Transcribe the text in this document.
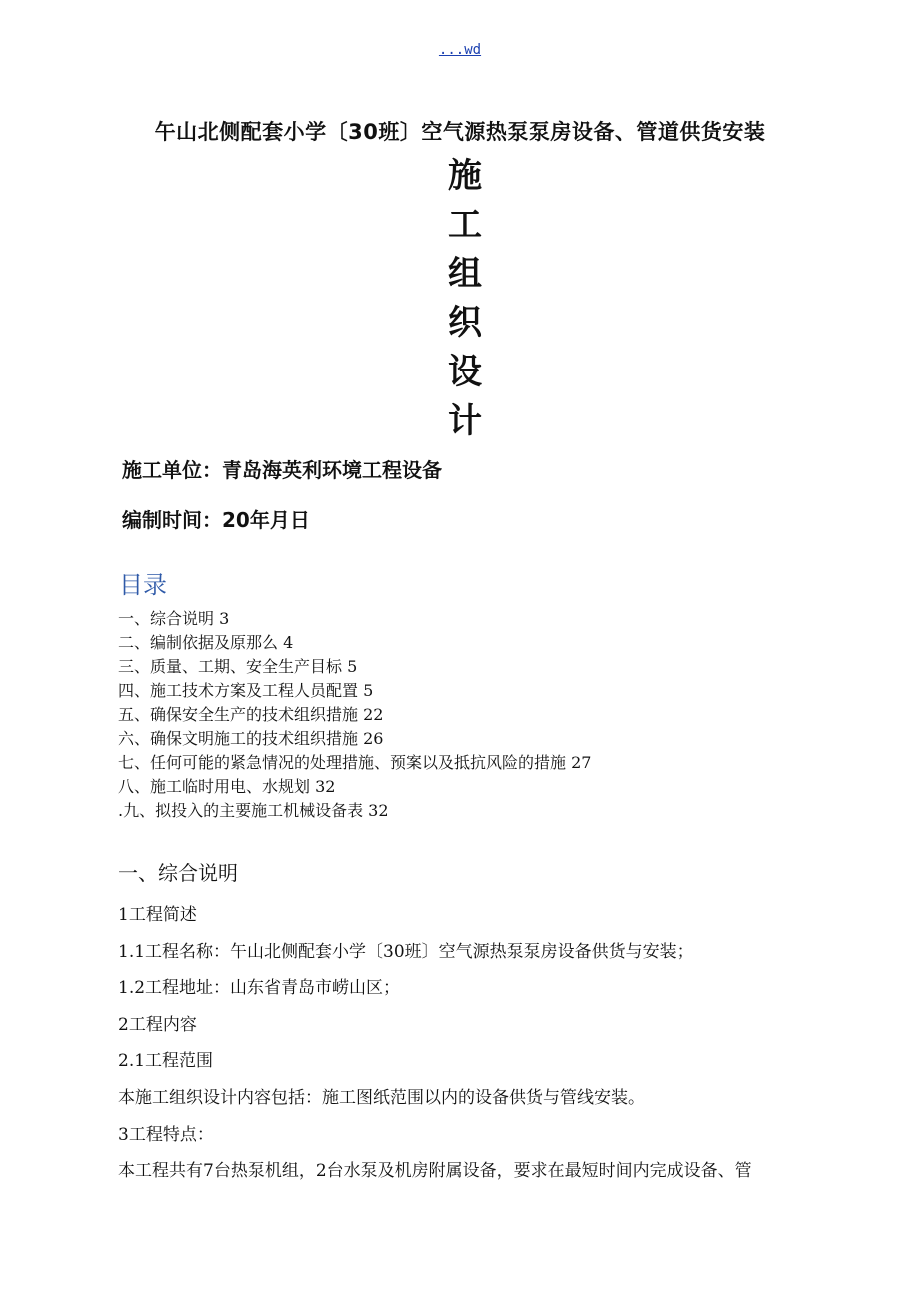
...wd
午山北侧配套小学〔30班〕空气源热泵泵房设备、管道供货安装
施
工
组
织
设
计
施工单位：青岛海英利环境工程设备
编制时间：20年月日
目录
一、综合说明 3
二、编制依据及原那么 4
三、质量、工期、安全生产目标 5
四、施工技术方案及工程人员配置 5
五、确保安全生产的技术组织措施 22
六、确保文明施工的技术组织措施 26
七、任何可能的紧急情况的处理措施、预案以及抵抗风险的措施 27
八、施工临时用电、水规划 32
.九、拟投入的主要施工机械设备表 32
一、综合说明

1工程简述

1.1工程名称：午山北侧配套小学〔30班〕空气源热泵泵房设备供货与安装；

1.2工程地址：山东省青岛市崂山区；

2工程内容

2.1工程范围

本施工组织设计内容包括：施工图纸范围以内的设备供货与管线安装。

3工程特点：

本工程共有7台热泵机组，2台水泵及机房附属设备，要求在最短时间内完成设备、管
